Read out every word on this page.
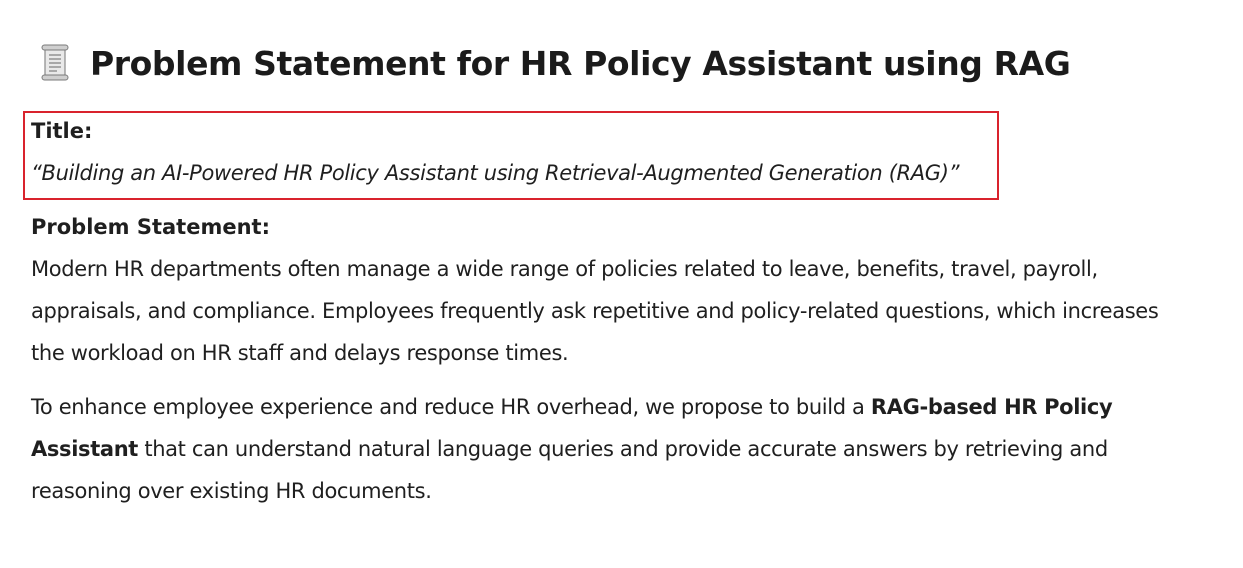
Problem Statement for HR Policy Assistant using RAG
Title:
“Building an AI-Powered HR Policy Assistant using Retrieval-Augmented Generation (RAG)”
Problem Statement:

Modern HR departments often manage a wide range of policies related to leave, benefits, travel, payroll, appraisals, and compliance. Employees frequently ask repetitive and policy-related questions, which increases the workload on HR staff and delays response times.

To enhance employee experience and reduce HR overhead, we propose to build a RAG-based HR Policy Assistant that can understand natural language queries and provide accurate answers by retrieving and reasoning over existing HR documents.
